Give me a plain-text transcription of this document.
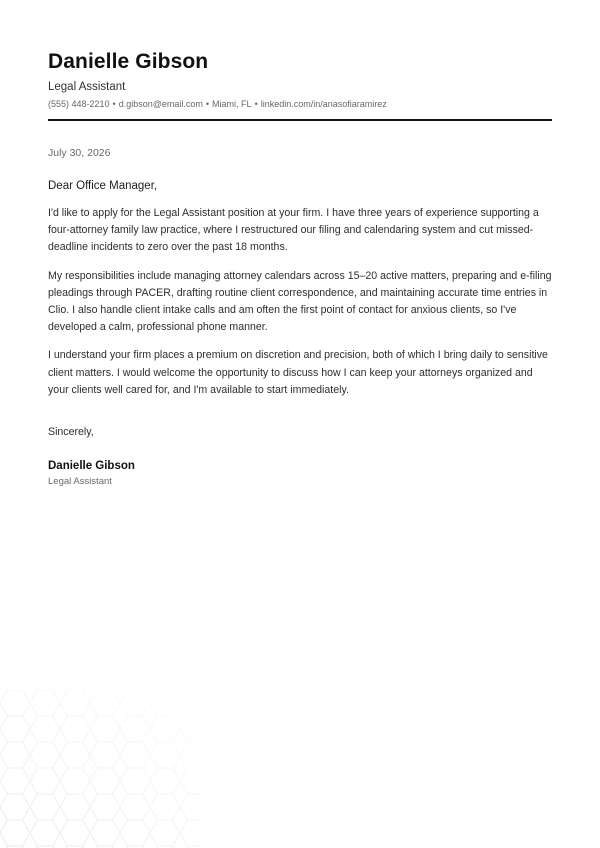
Danielle Gibson
Legal Assistant
(555) 448-2210 • d.gibson@email.com • Miami, FL • linkedin.com/in/anasofiaramirez
July 30, 2026
Dear Office Manager,

I'd like to apply for the Legal Assistant position at your firm. I have three years of experience supporting a four-attorney family law practice, where I restructured our filing and calendaring system and cut missed-deadline incidents to zero over the past 18 months.

My responsibilities include managing attorney calendars across 15–20 active matters, preparing and e-filing pleadings through PACER, drafting routine client correspondence, and maintaining accurate time entries in Clio. I also handle client intake calls and am often the first point of contact for anxious clients, so I've developed a calm, professional phone manner.

I understand your firm places a premium on discretion and precision, both of which I bring daily to sensitive client matters. I would welcome the opportunity to discuss how I can keep your attorneys organized and your clients well cared for, and I'm available to start immediately.

Sincerely,
Danielle Gibson
Legal Assistant
